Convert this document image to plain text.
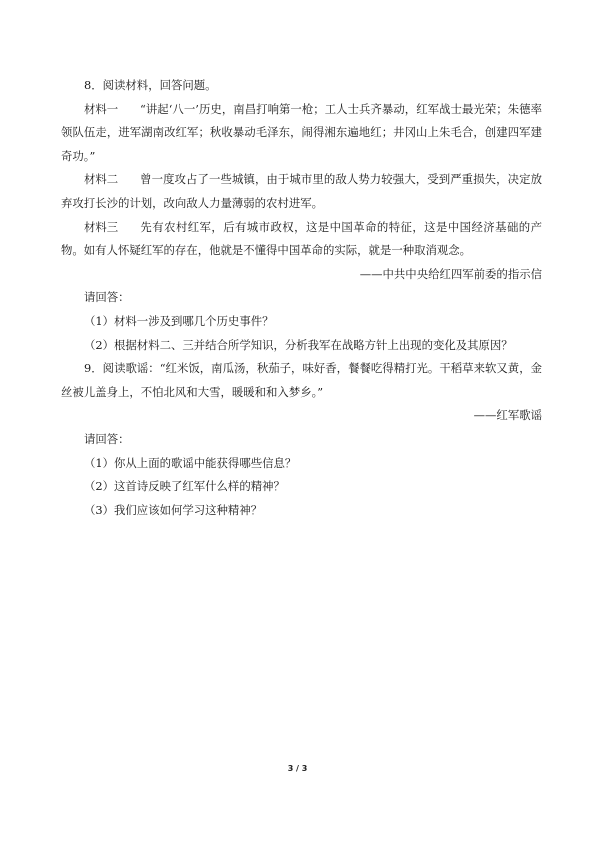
8．阅读材料，回答问题。

材料一 “讲起‘八一’历史，南昌打响第一枪；工人士兵齐暴动，红军战士最光荣；朱德率领队伍走，进军湖南改红军；秋收暴动毛泽东，闹得湘东遍地红；井冈山上朱毛合，创建四军建奇功。”

材料二 曾一度攻占了一些城镇，由于城市里的敌人势力较强大，受到严重损失，决定放弃攻打长沙的计划，改向敌人力量薄弱的农村进军。

材料三 先有农村红军，后有城市政权，这是中国革命的特征，这是中国经济基础的产物。如有人怀疑红军的存在，他就是不懂得中国革命的实际，就是一种取消观念。

——中共中央给红四军前委的指示信

请回答：

（1）材料一涉及到哪几个历史事件？

（2）根据材料二、三并结合所学知识，分析我军在战略方针上出现的变化及其原因？

9．阅读歌谣：“红米饭，南瓜汤，秋茄子，味好香，餐餐吃得精打光。干稻草来软又黄，金丝被儿盖身上，不怕北风和大雪，暖暖和和入梦乡。”

——红军歌谣

请回答：

（1）你从上面的歌谣中能获得哪些信息？

（2）这首诗反映了红军什么样的精神？

（3）我们应该如何学习这种精神？

3 / 3
